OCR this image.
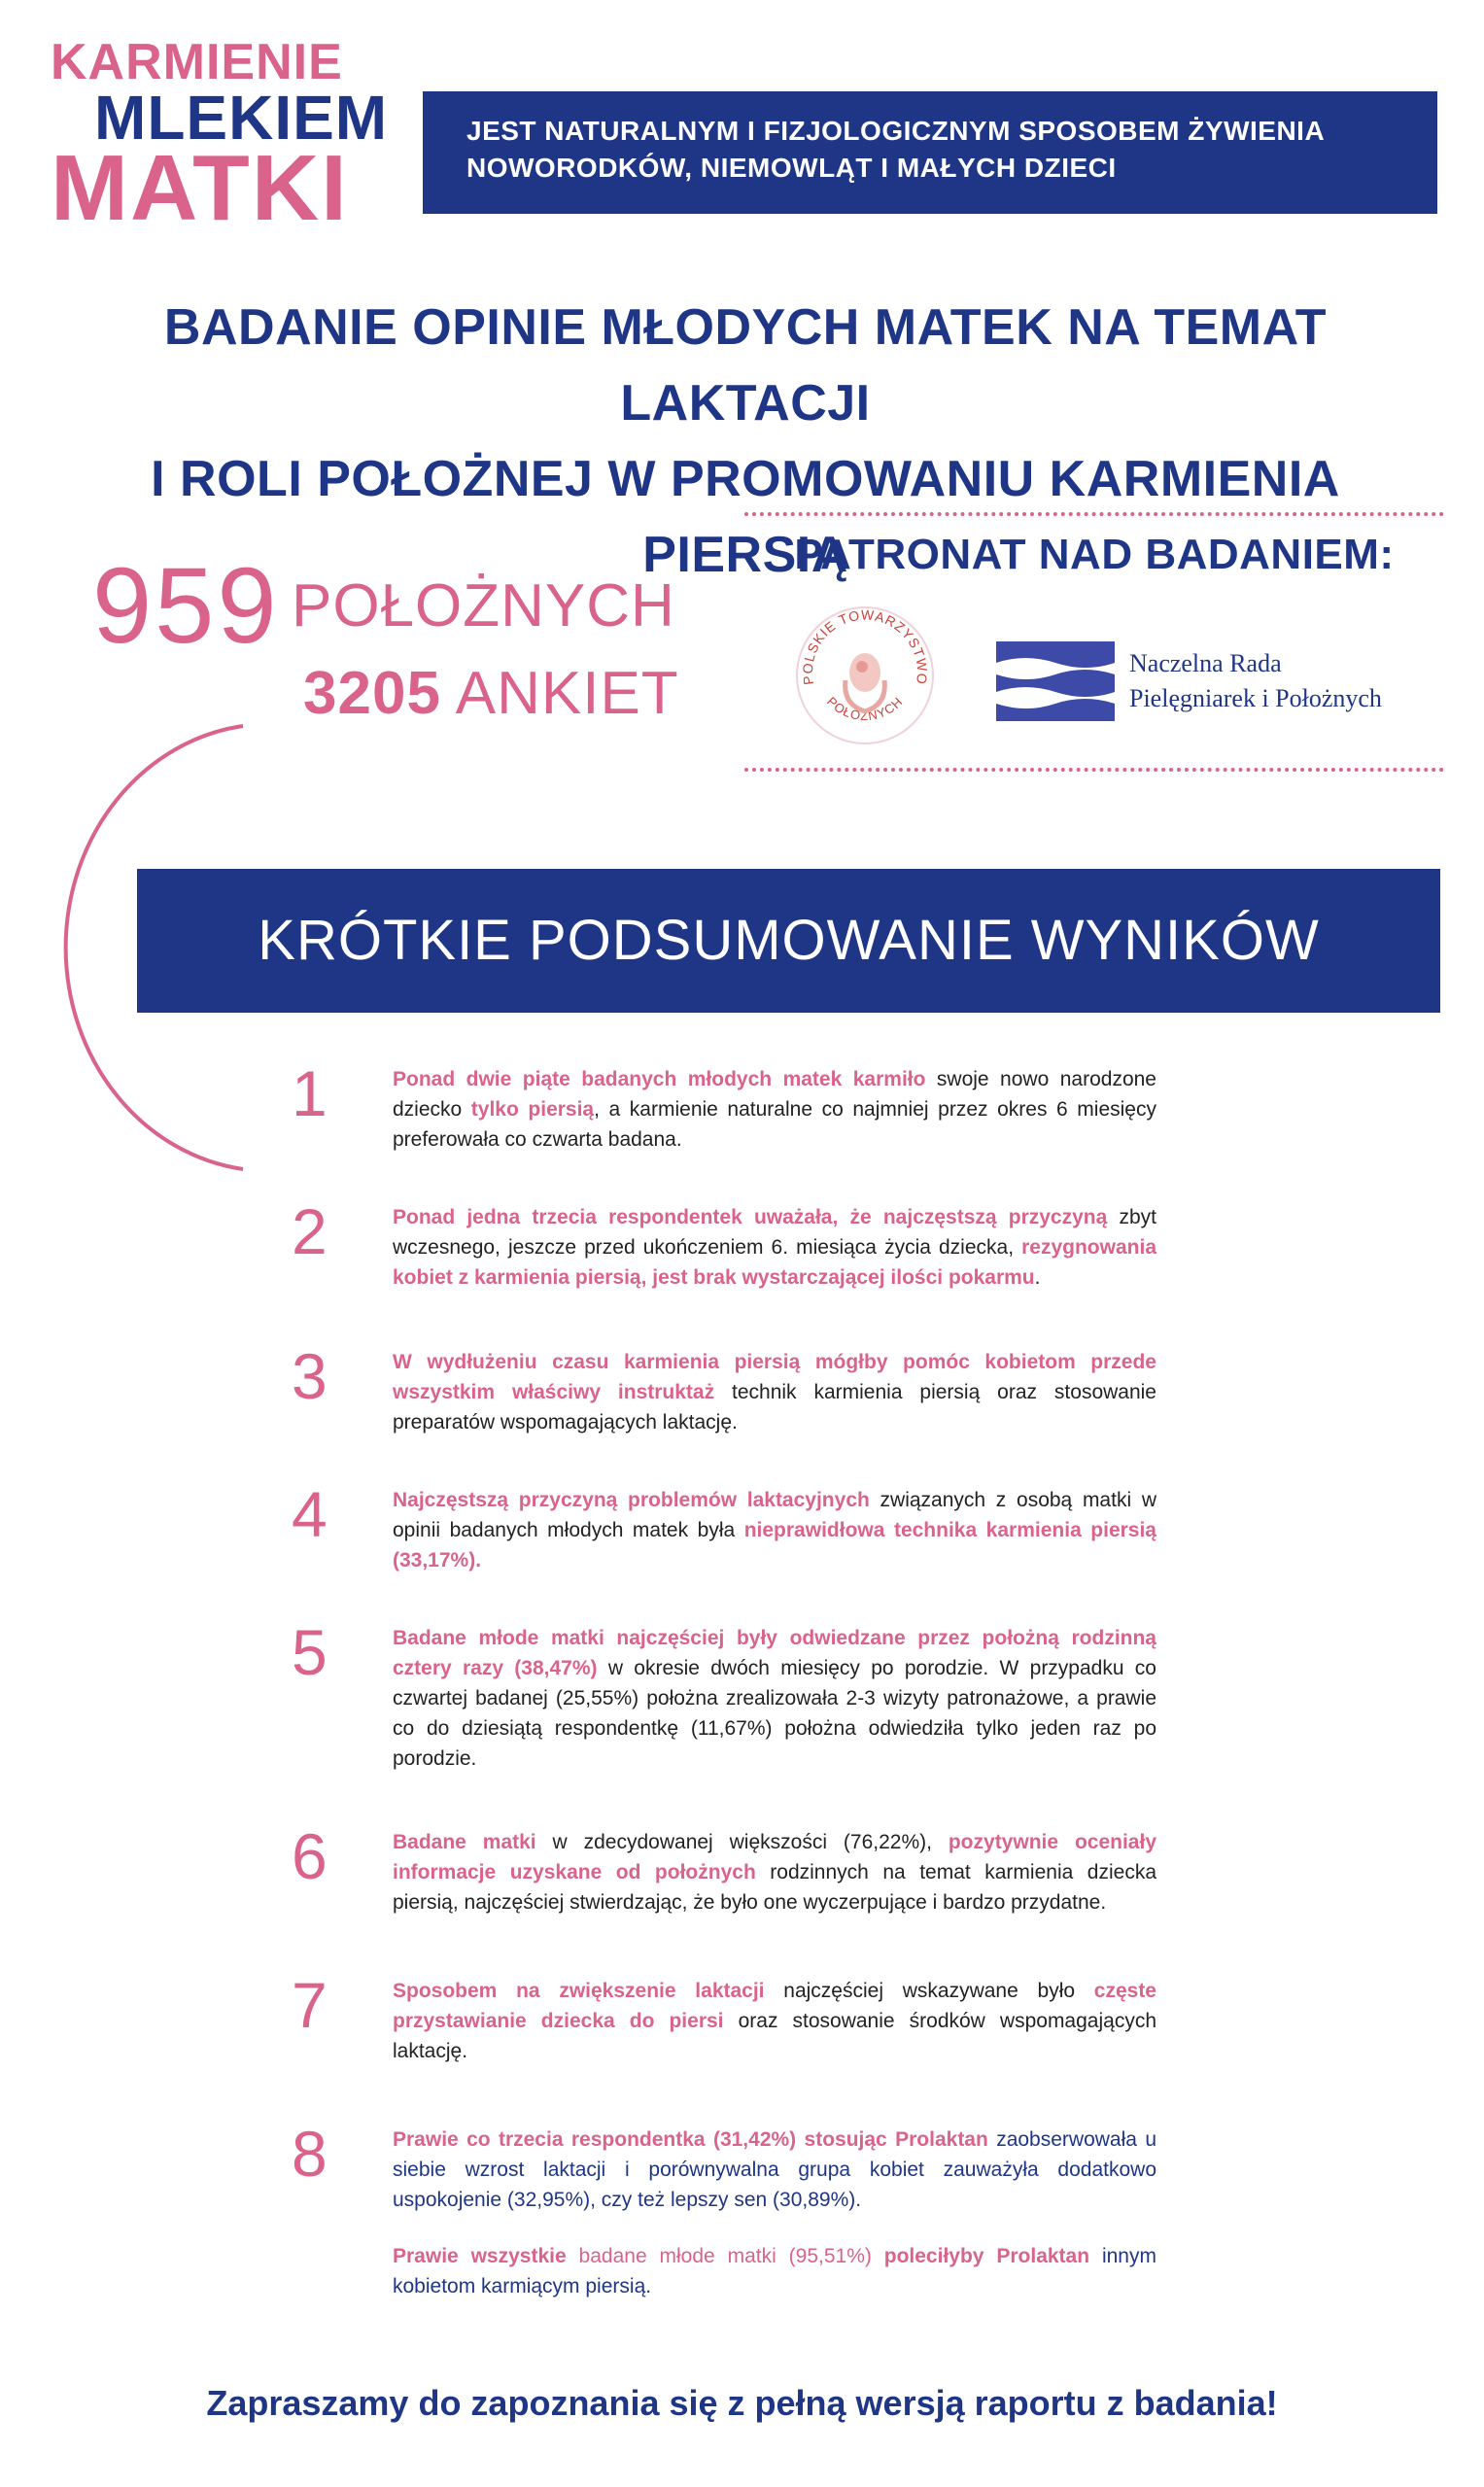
KARMIENIE
MLEKIEM
MATKI
JEST NATURALNYM I FIZJOLOGICZNYM SPOSOBEM ŻYWIENIA
NOWORODKÓW, NIEMOWLĄT I MAŁYCH DZIECI
BADANIE OPINIE MŁODYCH MATEK NA TEMAT LAKTACJI
I ROLI POŁOŻNEJ W PROMOWANIU KARMIENIA PIERSIĄ
959 POŁOŻNYCH
3205 ANKIET
PATRONAT NAD BADANIEM:
POLSKIE TOWARZYSTWO
POŁOŻNYCH
Naczelna Rada
Pielęgniarek i Położnych
KRÓTKIE PODSUMOWANIE WYNIKÓW
1	Ponad dwie piąte badanych młodych matek karmiło swoje nowo narodzone dziecko tylko piersią, a karmienie naturalne co najmniej przez okres 6 miesięcy preferowała co czwarta badana.
2	Ponad jedna trzecia respondentek uważała, że najczęstszą przyczyną zbyt wczesnego, jeszcze przed ukończeniem 6. miesiąca życia dziecka, rezygnowania kobiet z karmienia piersią, jest brak wystarczającej ilości pokarmu.
3	W wydłużeniu czasu karmienia piersią mógłby pomóc kobietom przede wszystkim właściwy instruktaż technik karmienia piersią oraz stosowanie preparatów wspomagających laktację.
4	Najczęstszą przyczyną problemów laktacyjnych związanych z osobą matki w opinii badanych młodych matek była nieprawidłowa technika karmienia piersią (33,17%).
5	Badane młode matki najczęściej były odwiedzane przez położną rodzinną cztery razy (38,47%) w okresie dwóch miesięcy po porodzie. W przypadku co czwartej badanej (25,55%) położna zrealizowała 2-3 wizyty patronażowe, a prawie co do dziesiątą respondentkę (11,67%) położna odwiedziła tylko jeden raz po porodzie.
6	Badane matki w zdecydowanej większości (76,22%), pozytywnie oceniały informacje uzyskane od położnych rodzinnych na temat karmienia dziecka piersią, najczęściej stwierdzając, że było one wyczerpujące i bardzo przydatne.
7	Sposobem na zwiększenie laktacji najczęściej wskazywane było częste przystawianie dziecka do piersi oraz stosowanie środków wspomagających laktację.
8	Prawie co trzecia respondentka (31,42%) stosując Prolaktan zaobserwowała u siebie wzrost laktacji i porównywalna grupa kobiet zauważyła dodatkowo uspokojenie (32,95%), czy też lepszy sen (30,89%).
Prawie wszystkie badane młode matki (95,51%) poleciłyby Prolaktan innym kobietom karmiącym piersią.
Zapraszamy do zapoznania się z pełną wersją raportu z badania!
